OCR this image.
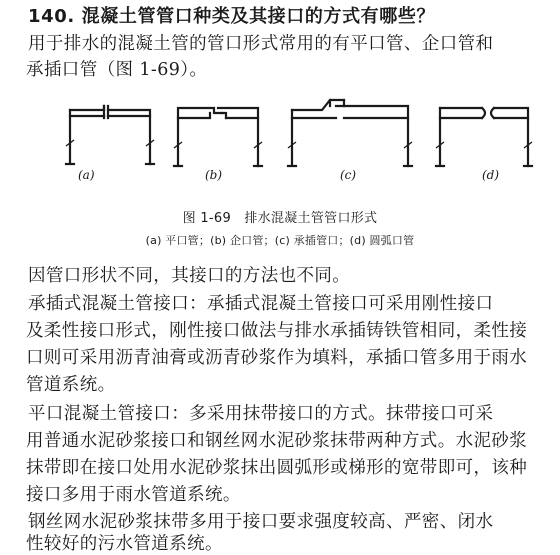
140. 混凝土管管口种类及其接口的方式有哪些？
用于排水的混凝土管的管口形式常用的有平口管、企口管和
承插口管（图 1-69）。
(a)	(b)	(c)	(d)
图 1-69　排水混凝土管管口形式
(a) 平口管；(b) 企口管；(c) 承插管口；(d) 圆弧口管
因管口形状不同，其接口的方法也不同。
承插式混凝土管接口：承插式混凝土管接口可采用刚性接口
及柔性接口形式，刚性接口做法与排水承插铸铁管相同，柔性接
口则可采用沥青油膏或沥青砂浆作为填料，承插口管多用于雨水
管道系统。
平口混凝土管接口：多采用抹带接口的方式。抹带接口可采
用普通水泥砂浆接口和钢丝网水泥砂浆抹带两种方式。水泥砂浆
抹带即在接口处用水泥砂浆抹出圆弧形或梯形的宽带即可，该种
接口多用于雨水管道系统。
钢丝网水泥砂浆抹带多用于接口要求强度较高、严密、闭水
性较好的污水管道系统。
